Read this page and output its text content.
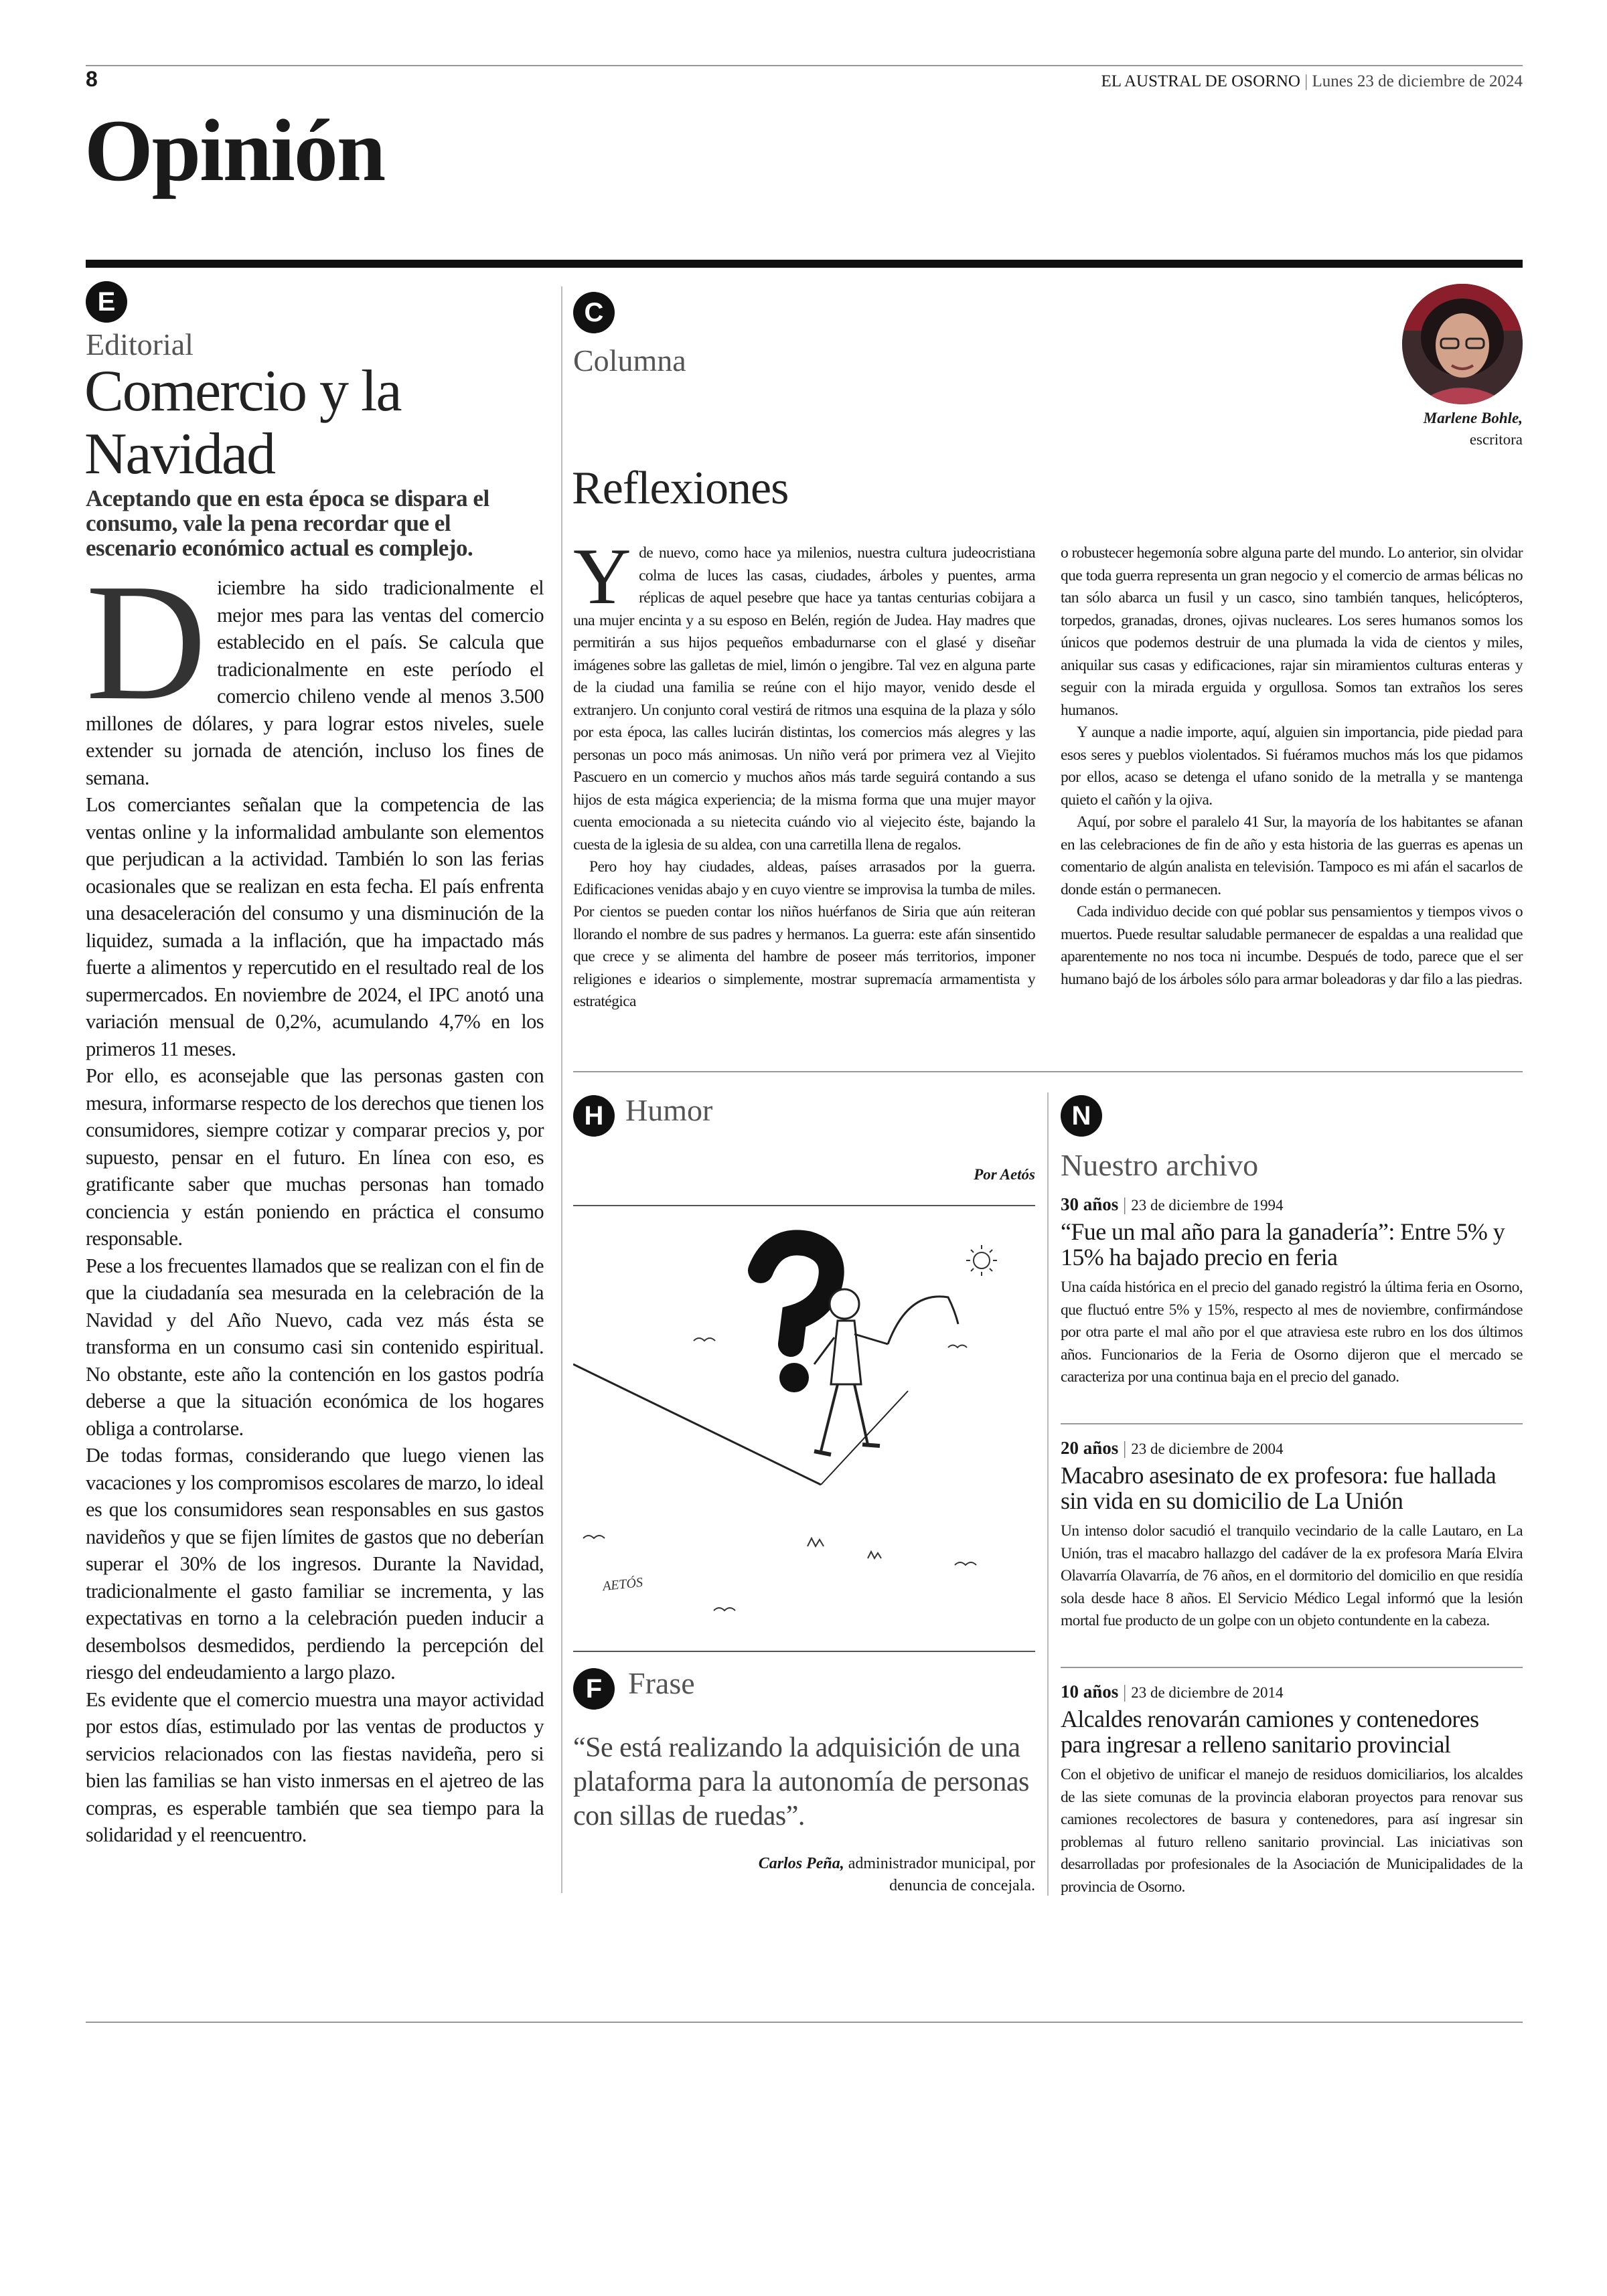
8	EL AUSTRAL DE OSORNO | Lunes 23 de diciembre de 2024
Opinión
E
Editorial
Comercio y la Navidad
Aceptando que en esta época se dispara el consumo, vale la pena recordar que el escenario económico actual es complejo.
D iciembre ha sido tradicionalmente el mejor mes para las ventas del comercio establecido en el país. Se calcula que tradicionalmente en este período el comercio chileno vende al menos 3.500 millones de dólares, y para lograr estos niveles, suele extender su jornada de atención, incluso los fines de semana.

Los comerciantes señalan que la competencia de las ventas online y la informalidad ambulante son elementos que perjudican a la actividad. También lo son las ferias ocasionales que se realizan en esta fecha. El país enfrenta una desaceleración del consumo y una disminución de la liquidez, sumada a la inflación, que ha impactado más fuerte a alimentos y repercutido en el resultado real de los supermercados. En noviembre de 2024, el IPC anotó una variación mensual de 0,2%, acumulando 4,7% en los primeros 11 meses.

Por ello, es aconsejable que las personas gasten con mesura, informarse respecto de los derechos que tienen los consumidores, siempre cotizar y comparar precios y, por supuesto, pensar en el futuro. En línea con eso, es gratificante saber que muchas personas han tomado conciencia y están poniendo en práctica el consumo responsable.

Pese a los frecuentes llamados que se realizan con el fin de que la ciudadanía sea mesurada en la celebración de la Navidad y del Año Nuevo, cada vez más ésta se transforma en un consumo casi sin contenido espiritual. No obstante, este año la contención en los gastos podría deberse a que la situación económica de los hogares obliga a controlarse.

De todas formas, considerando que luego vienen las vacaciones y los compromisos escolares de marzo, lo ideal es que los consumidores sean responsables en sus gastos navideños y que se fijen límites de gastos que no deberían superar el 30% de los ingresos. Durante la Navidad, tradicionalmente el gasto familiar se incrementa, y las expectativas en torno a la celebración pueden inducir a desembolsos desmedidos, perdiendo la percepción del riesgo del endeudamiento a largo plazo.

Es evidente que el comercio muestra una mayor actividad por estos días, estimulado por las ventas de productos y servicios relacionados con las fiestas navideña, pero si bien las familias se han visto inmersas en el ajetreo de las compras, es esperable también que sea tiempo para la solidaridad y el reencuentro.

C
Columna
Marlene Bohle,
escritora
Reflexiones
Y de nuevo, como hace ya milenios, nuestra cultura judeocristiana colma de luces las casas, ciudades, árboles y puentes, arma réplicas de aquel pesebre que hace ya tantas centurias cobijara a una mujer encinta y a su esposo en Belén, región de Judea. Hay madres que permitirán a sus hijos pequeños embadurnarse con el glasé y diseñar imágenes sobre las galletas de miel, limón o jengibre. Tal vez en alguna parte de la ciudad una familia se reúne con el hijo mayor, venido desde el extranjero. Un conjunto coral vestirá de ritmos una esquina de la plaza y sólo por esta época, las calles lucirán distintas, los comercios más alegres y las personas un poco más animosas. Un niño verá por primera vez al Viejito Pascuero en un comercio y muchos años más tarde seguirá contando a sus hijos de esta mágica experiencia; de la misma forma que una mujer mayor cuenta emocionada a su nietecita cuándo vio al viejecito éste, bajando la cuesta de la iglesia de su aldea, con una carretilla llena de regalos.

Pero hoy hay ciudades, aldeas, países arrasados por la guerra. Edificaciones venidas abajo y en cuyo vientre se improvisa la tumba de miles. Por cientos se pueden contar los niños huérfanos de Siria que aún reiteran llorando el nombre de sus padres y hermanos. La guerra: este afán sinsentido que crece y se alimenta del hambre de poseer más territorios, imponer religiones e idearios o simplemente, mostrar supremacía armamentista y estratégica

o robustecer hegemonía sobre alguna parte del mundo. Lo anterior, sin olvidar que toda guerra representa un gran negocio y el comercio de armas bélicas no tan sólo abarca un fusil y un casco, sino también tanques, helicópteros, torpedos, granadas, drones, ojivas nucleares. Los seres humanos somos los únicos que podemos destruir de una plumada la vida de cientos y miles, aniquilar sus casas y edificaciones, rajar sin miramientos culturas enteras y seguir con la mirada erguida y orgullosa. Somos tan extraños los seres humanos.

Y aunque a nadie importe, aquí, alguien sin importancia, pide piedad para esos seres y pueblos violentados. Si fuéramos muchos más los que pidamos por ellos, acaso se detenga el ufano sonido de la metralla y se mantenga quieto el cañón y la ojiva.

Aquí, por sobre el paralelo 41 Sur, la mayoría de los habitantes se afanan en las celebraciones de fin de año y esta historia de las guerras es apenas un comentario de algún analista en televisión. Tampoco es mi afán el sacarlos de donde están o permanecen.

Cada individuo decide con qué poblar sus pensamientos y tiempos vivos o muertos. Puede resultar saludable permanecer de espaldas a una realidad que aparentemente no nos toca ni incumbe. Después de todo, parece que el ser humano bajó de los árboles sólo para armar boleadoras y dar filo a las piedras.

H Humor
Por Aetós
AETÓS
F Frase
“Se está realizando la adquisición de una plataforma para la autonomía de personas con sillas de ruedas”.
Carlos Peña, administrador municipal, por denuncia de concejala.
N
Nuestro archivo
30 años | 23 de diciembre de 1994
“Fue un mal año para la ganadería”: Entre 5% y 15% ha bajado precio en feria
Una caída histórica en el precio del ganado registró la última feria en Osorno, que fluctuó entre 5% y 15%, respecto al mes de noviembre, confirmándose por otra parte el mal año por el que atraviesa este rubro en los dos últimos años. Funcionarios de la Feria de Osorno dijeron que el mercado se caracteriza por una continua baja en el precio del ganado.
20 años | 23 de diciembre de 2004
Macabro asesinato de ex profesora: fue hallada sin vida en su domicilio de La Unión
Un intenso dolor sacudió el tranquilo vecindario de la calle Lautaro, en La Unión, tras el macabro hallazgo del cadáver de la ex profesora María Elvira Olavarría Olavarría, de 76 años, en el dormitorio del domicilio en que residía sola desde hace 8 años. El Servicio Médico Legal informó que la lesión mortal fue producto de un golpe con un objeto contundente en la cabeza.
10 años | 23 de diciembre de 2014
Alcaldes renovarán camiones y contenedores para ingresar a relleno sanitario provincial
Con el objetivo de unificar el manejo de residuos domiciliarios, los alcaldes de las siete comunas de la provincia elaboran proyectos para renovar sus camiones recolectores de basura y contenedores, para así ingresar sin problemas al futuro relleno sanitario provincial. Las iniciativas son desarrolladas por profesionales de la Asociación de Municipalidades de la provincia de Osorno.
